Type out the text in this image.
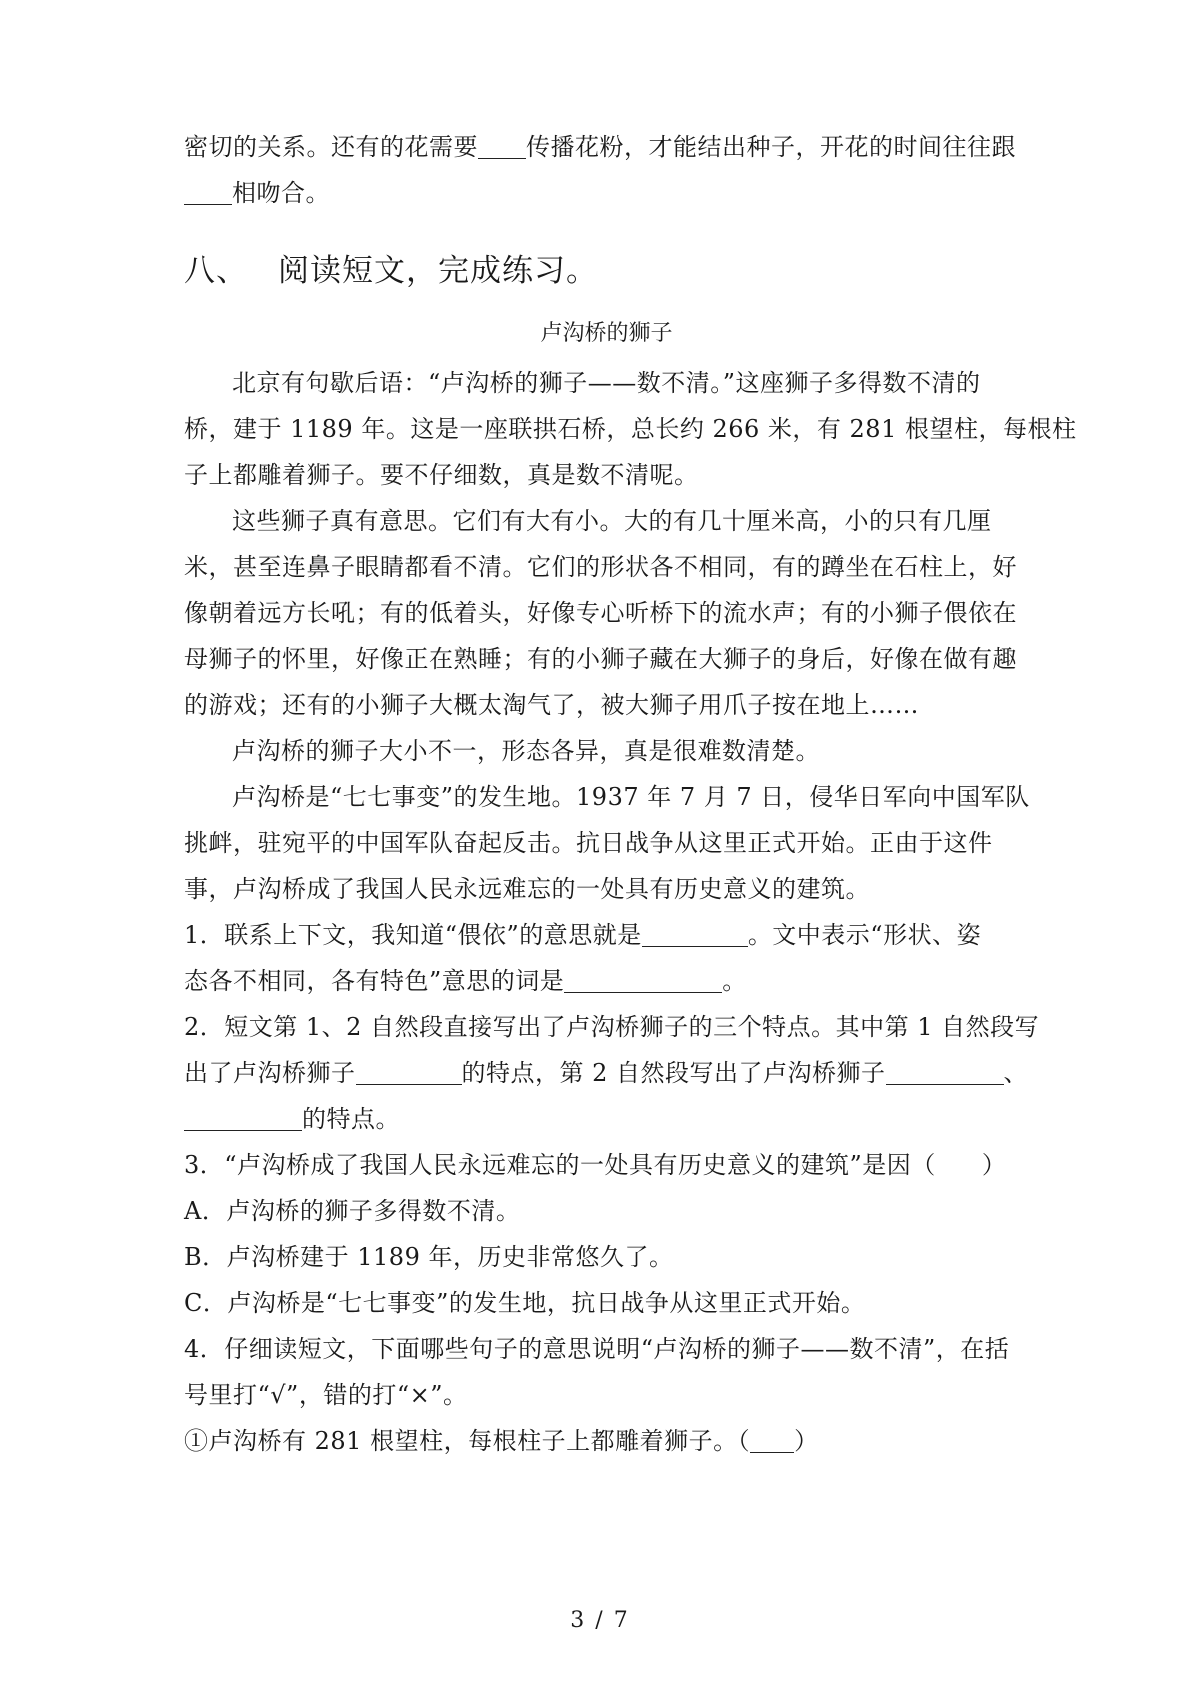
密切的关系。还有的花需要 传播花粉，才能结出种子，开花的时间往往跟
相吻合。
八、 阅读短文，完成练习。
卢沟桥的狮子
北京有句歇后语：“卢沟桥的狮子——数不清。”这座狮子多得数不清的
桥，建于 1189 年。这是一座联拱石桥，总长约 266 米，有 281 根望柱，每根柱
子上都雕着狮子。要不仔细数，真是数不清呢。
这些狮子真有意思。它们有大有小。大的有几十厘米高，小的只有几厘
米，甚至连鼻子眼睛都看不清。它们的形状各不相同，有的蹲坐在石柱上，好
像朝着远方长吼；有的低着头，好像专心听桥下的流水声；有的小狮子偎依在
母狮子的怀里，好像正在熟睡；有的小狮子藏在大狮子的身后，好像在做有趣
的游戏；还有的小狮子大概太淘气了，被大狮子用爪子按在地上……
卢沟桥的狮子大小不一，形态各异，真是很难数清楚。
卢沟桥是“七七事变”的发生地。1937 年 7 月 7 日，侵华日军向中国军队
挑衅，驻宛平的中国军队奋起反击。抗日战争从这里正式开始。正由于这件
事，卢沟桥成了我国人民永远难忘的一处具有历史意义的建筑。
1．联系上下文，我知道“偎依”的意思就是	。文中表示“形状、姿
态各不相同，各有特色”意思的词是	。
2．短文第 1、2 自然段直接写出了卢沟桥狮子的三个特点。其中第 1 自然段写
出了卢沟桥狮子	的特点，第 2 自然段写出了卢沟桥狮子	、
的特点。
3．“卢沟桥成了我国人民永远难忘的一处具有历史意义的建筑”是因（ ）
A．卢沟桥的狮子多得数不清。
B．卢沟桥建于 1189 年，历史非常悠久了。
C．卢沟桥是“七七事变”的发生地，抗日战争从这里正式开始。
4．仔细读短文，下面哪些句子的意思说明“卢沟桥的狮子——数不清”，在括
号里打“√”，错的打“×”。
①卢沟桥有 281 根望柱，每根柱子上都雕着狮子。（ ）
3 / 7
